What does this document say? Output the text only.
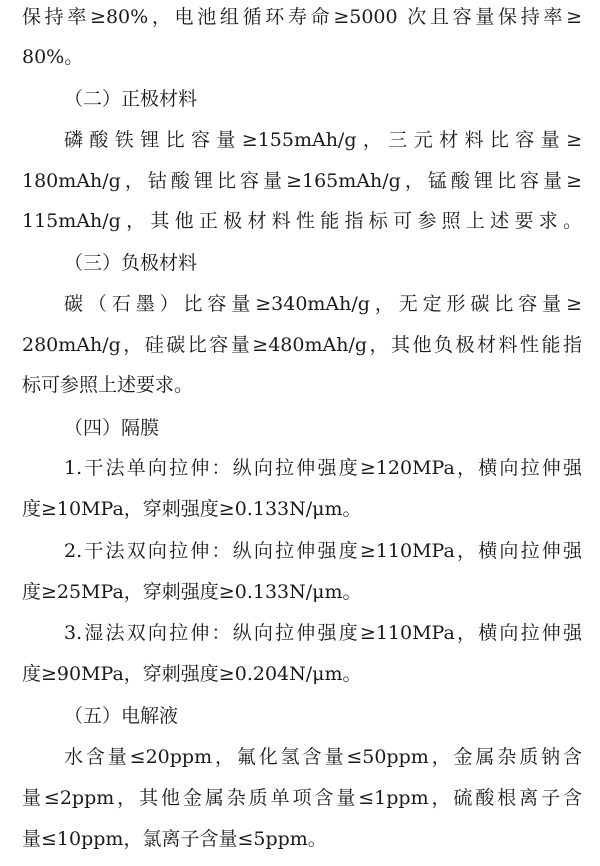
保持率≥80%，电池组循环寿命≥5000 次且容量保持率≥
80%。
（二）正极材料
磷酸铁锂比容量≥155mAh/g，三元材料比容量≥
180mAh/g，钴酸锂比容量≥165mAh/g，锰酸锂比容量≥
115mAh/g，其他正极材料性能指标可参照上述要求。
（三）负极材料
碳（石墨）比容量≥340mAh/g，无定形碳比容量≥
280mAh/g，硅碳比容量≥480mAh/g，其他负极材料性能指
标可参照上述要求。
（四）隔膜
1.干法单向拉伸：纵向拉伸强度≥120MPa，横向拉伸强
度≥10MPa，穿刺强度≥0.133N/μm。
2.干法双向拉伸：纵向拉伸强度≥110MPa，横向拉伸强
度≥25MPa，穿刺强度≥0.133N/μm。
3.湿法双向拉伸：纵向拉伸强度≥110MPa，横向拉伸强
度≥90MPa，穿刺强度≥0.204N/μm。
（五）电解液
水含量≤20ppm，氟化氢含量≤50ppm，金属杂质钠含
量≤2ppm，其他金属杂质单项含量≤1ppm，硫酸根离子含
量≤10ppm，氯离子含量≤5ppm。
